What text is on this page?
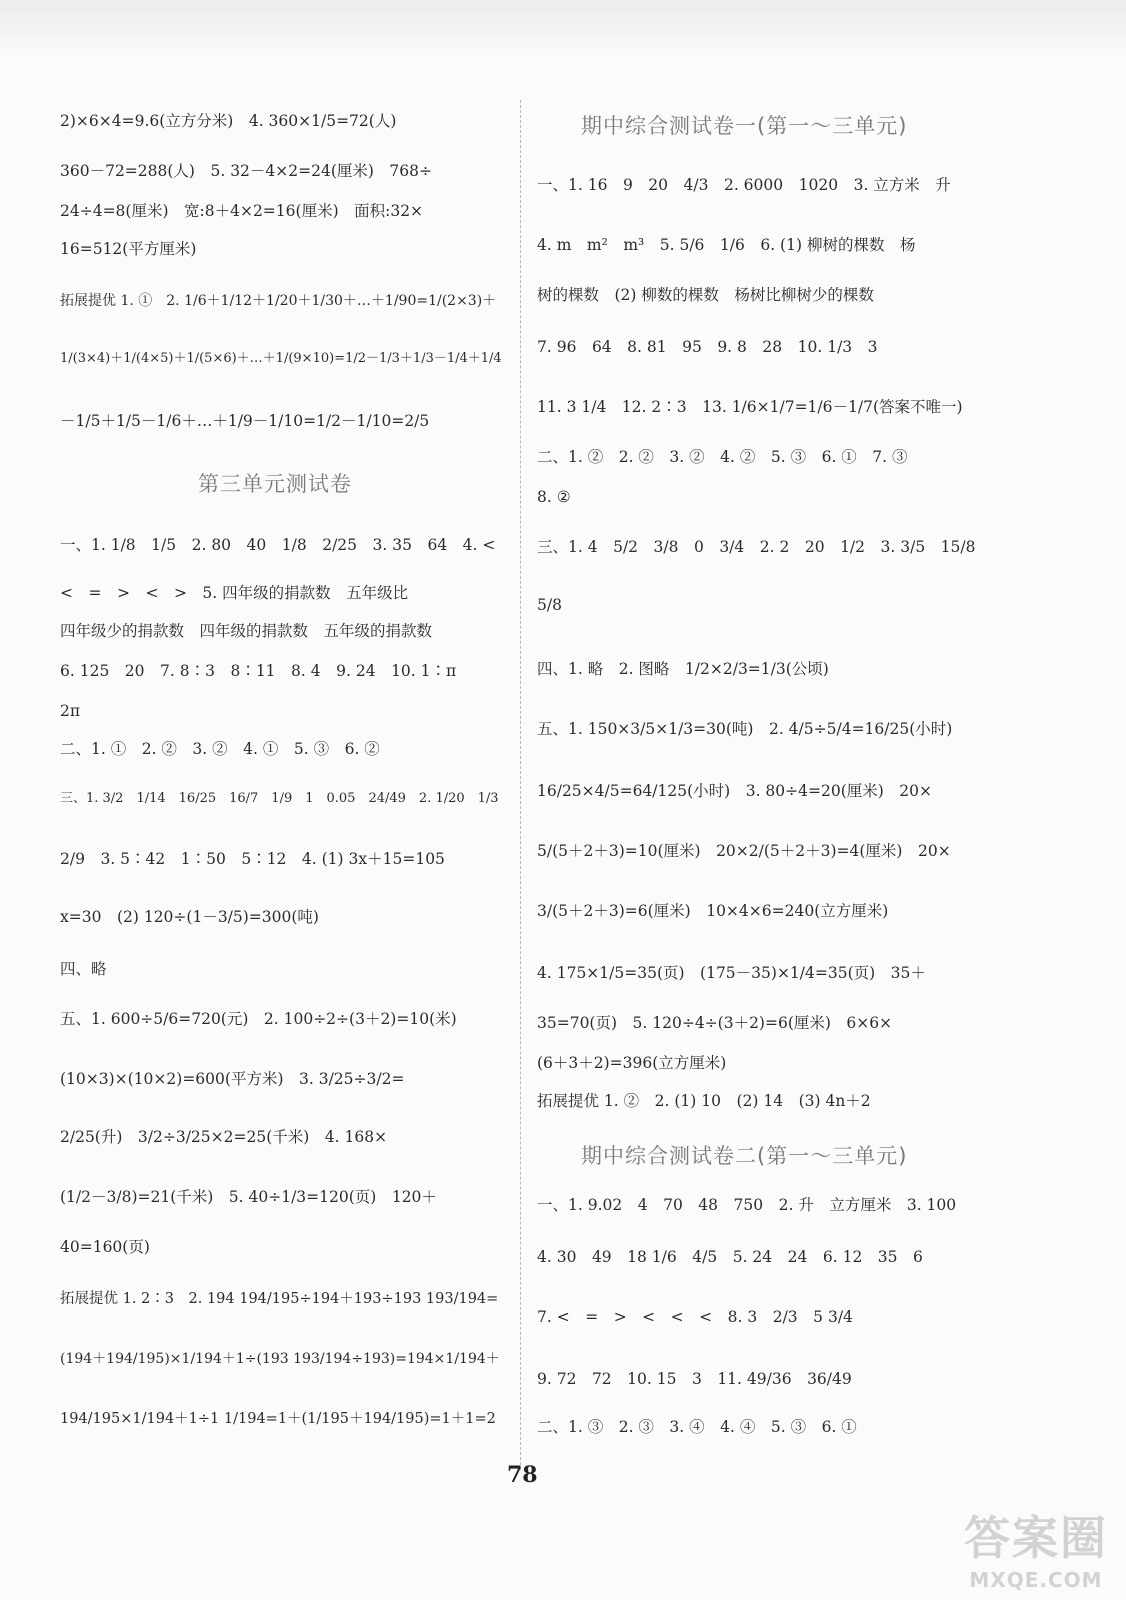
2)×6×4=9.6(立方分米)　4. 360×1/5=72(人)
360－72=288(人)　5. 32－4×2=24(厘米)　768÷
24÷4=8(厘米)　宽:8＋4×2=16(厘米)　面积:32×
16=512(平方厘米)
拓展提优 1. ①　2. 1/6＋1/12＋1/20＋1/30＋…＋1/90=1/(2×3)＋
1/(3×4)＋1/(4×5)＋1/(5×6)＋…＋1/(9×10)=1/2－1/3＋1/3－1/4＋1/4
－1/5＋1/5－1/6＋…＋1/9－1/10=1/2－1/10=2/5
第三单元测试卷
一、1. 1/8　1/5　2. 80　40　1/8　2/25　3. 35　64　4. <
<　=　>　<　>　5. 四年级的捐款数　五年级比
四年级少的捐款数　四年级的捐款数　五年级的捐款数
6. 125　20　7. 8∶3　8∶11　8. 4　9. 24　10. 1∶π
2π
二、1. ①　2. ②　3. ②　4. ①　5. ③　6. ②
三、1. 3/2　1/14　16/25　16/7　1/9　1　0.05　24/49　2. 1/20　1/3
2/9　3. 5∶42　1∶50　5∶12　4. (1) 3x＋15=105
x=30　(2) 120÷(1－3/5)=300(吨)
四、略
五、1. 600÷5/6=720(元)　2. 100÷2÷(3＋2)=10(米)
(10×3)×(10×2)=600(平方米)　3. 3/25÷3/2=
2/25(升)　3/2÷3/25×2=25(千米)　4. 168×
(1/2－3/8)=21(千米)　5. 40÷1/3=120(页)　120＋
40=160(页)
拓展提优 1. 2∶3　2. 194 194/195÷194＋193÷193 193/194=
(194＋194/195)×1/194＋1÷(193 193/194÷193)=194×1/194＋
194/195×1/194＋1÷1 1/194=1＋(1/195＋194/195)=1＋1=2
期中综合测试卷一(第一～三单元)
一、1. 16　9　20　4/3　2. 6000　1020　3. 立方米　升
4. m　m²　m³　5. 5/6　1/6　6. (1) 柳树的棵数　杨
树的棵数　(2) 柳数的棵数　杨树比柳树少的棵数
7. 96　64　8. 81　95　9. 8　28　10. 1/3　3
11. 3 1/4　12. 2∶3　13. 1/6×1/7=1/6－1/7(答案不唯一)
二、1. ②　2. ②　3. ②　4. ②　5. ③　6. ①　7. ③
8. ②
三、1. 4　5/2　3/8　0　3/4　2. 2　20　1/2　3. 3/5　15/8
5/8
四、1. 略　2. 图略　1/2×2/3=1/3(公顷)
五、1. 150×3/5×1/3=30(吨)　2. 4/5÷5/4=16/25(小时)
16/25×4/5=64/125(小时)　3. 80÷4=20(厘米)　20×
5/(5＋2＋3)=10(厘米)　20×2/(5＋2＋3)=4(厘米)　20×
3/(5＋2＋3)=6(厘米)　10×4×6=240(立方厘米)
4. 175×1/5=35(页)　(175－35)×1/4=35(页)　35＋
35=70(页)　5. 120÷4÷(3＋2)=6(厘米)　6×6×
(6＋3＋2)=396(立方厘米)
拓展提优 1. ②　2. (1) 10　(2) 14　(3) 4n＋2
期中综合测试卷二(第一～三单元)
一、1. 9.02　4　70　48　750　2. 升　立方厘米　3. 100
4. 30　49　18 1/6　4/5　5. 24　24　6. 12　35　6
7. <　=　>　<　<　<　8. 3　2/3　5 3/4
9. 72　72　10. 15　3　11. 49/36　36/49
二、1. ③　2. ③　3. ④　4. ④　5. ③　6. ①
78
答案圈
MXQE.COM
